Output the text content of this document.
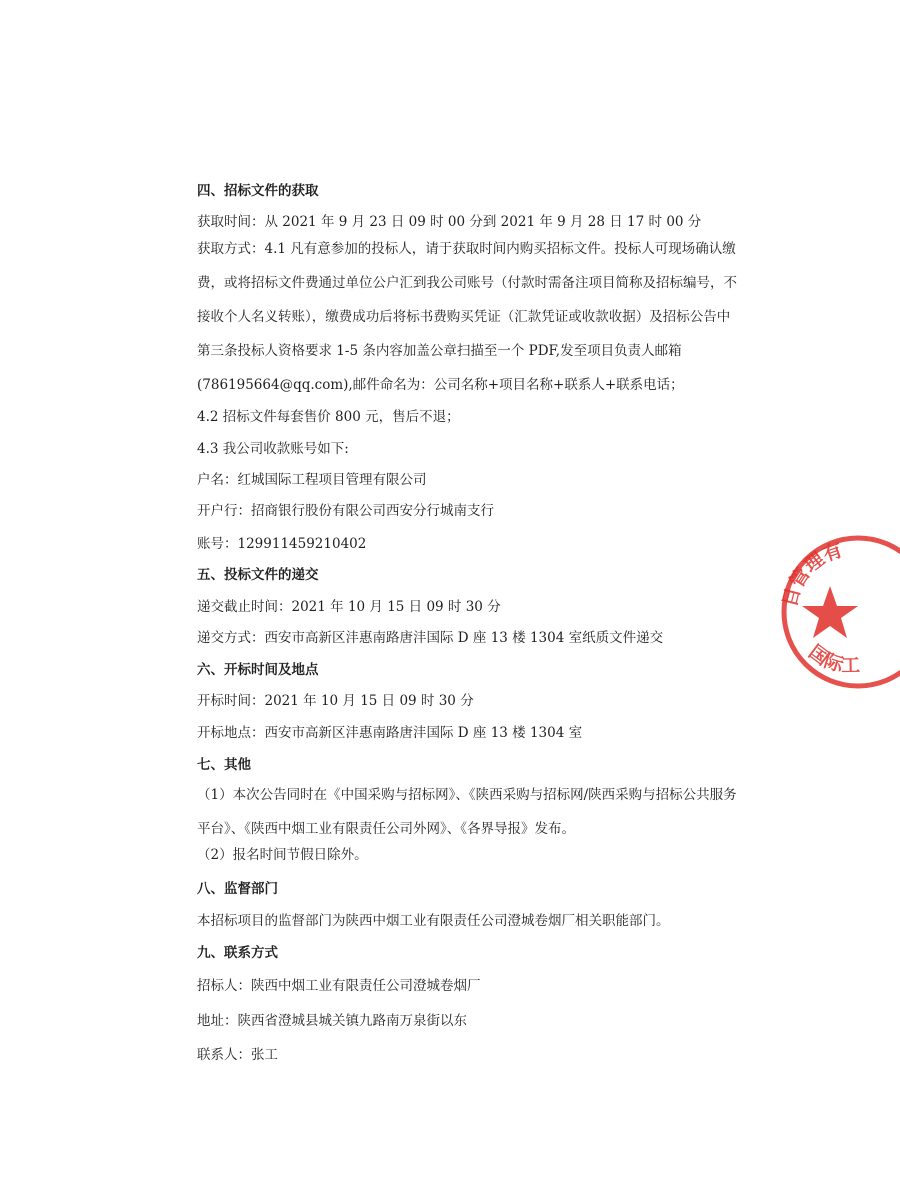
四、招标文件的获取
获取时间：从 2021 年 9 月 23 日 09 时 00 分到 2021 年 9 月 28 日 17 时 00 分
获取方式：4.1 凡有意参加的投标人，请于获取时间内购买招标文件。投标人可现场确认缴费，或将招标文件费通过单位公户汇到我公司账号（付款时需备注项目简称及招标编号，不接收个人名义转账），缴费成功后将标书费购买凭证（汇款凭证或收款收据）及招标公告中第三条投标人资格要求 1-5 条内容加盖公章扫描至一个 PDF,发至项目负责人邮箱(786195664@qq.com),邮件命名为：公司名称+项目名称+联系人+联系电话；
4.2 招标文件每套售价 800 元，售后不退；
4.3 我公司收款账号如下:
户名：红城国际工程项目管理有限公司
开户行：招商银行股份有限公司西安分行城南支行
账号：129911459210402
五、投标文件的递交
递交截止时间：2021 年 10 月 15 日 09 时 30 分
递交方式：西安市高新区沣惠南路唐沣国际 D 座 13 楼 1304 室纸质文件递交
六、开标时间及地点
开标时间：2021 年 10 月 15 日 09 时 30 分
开标地点：西安市高新区沣惠南路唐沣国际 D 座 13 楼 1304 室
七、其他
（1）本次公告同时在《中国采购与招标网》、《陕西采购与招标网/陕西采购与招标公共服务平台》、《陕西中烟工业有限责任公司外网》、《各界导报》发布。
（2）报名时间节假日除外。
八、监督部门
本招标项目的监督部门为陕西中烟工业有限责任公司澄城卷烟厂相关职能部门。
九、联系方式
招标人：陕西中烟工业有限责任公司澄城卷烟厂
地址：陕西省澄城县城关镇九路南万泉街以东
联系人：张工
目管理有
国际工
